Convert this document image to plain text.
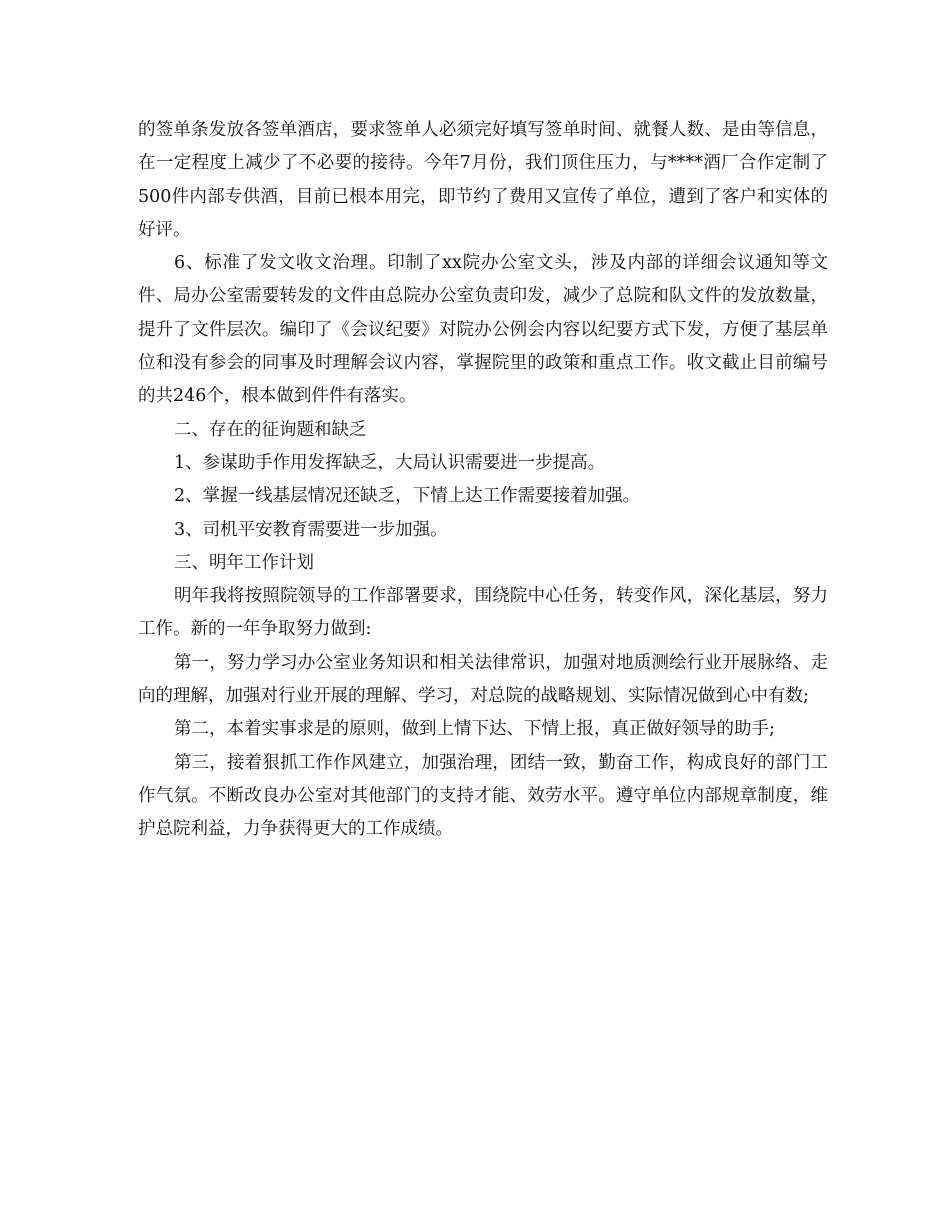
的签单条发放各签单酒店，要求签单人必须完好填写签单时间、就餐人数、是由等信息，在一定程度上减少了不必要的接待。今年7月份，我们顶住压力，与****酒厂合作定制了500件内部专供酒，目前已根本用完，即节约了费用又宣传了单位，遭到了客户和实体的好评。

6、标准了发文收文治理。印制了xx院办公室文头，涉及内部的详细会议通知等文件、局办公室需要转发的文件由总院办公室负责印发，减少了总院和队文件的发放数量，提升了文件层次。编印了《会议纪要》对院办公例会内容以纪要方式下发，方便了基层单位和没有参会的同事及时理解会议内容，掌握院里的政策和重点工作。收文截止目前编号的共246个，根本做到件件有落实。

二、存在的征询题和缺乏

1、参谋助手作用发挥缺乏，大局认识需要进一步提高。

2、掌握一线基层情况还缺乏，下情上达工作需要接着加强。

3、司机平安教育需要进一步加强。

三、明年工作计划

明年我将按照院领导的工作部署要求，围绕院中心任务，转变作风，深化基层，努力工作。新的一年争取努力做到:

第一，努力学习办公室业务知识和相关法律常识，加强对地质测绘行业开展脉络、走向的理解，加强对行业开展的理解、学习，对总院的战略规划、实际情况做到心中有数;

第二，本着实事求是的原则，做到上情下达、下情上报，真正做好领导的助手;

第三，接着狠抓工作作风建立，加强治理，团结一致，勤奋工作，构成良好的部门工作气氛。不断改良办公室对其他部门的支持才能、效劳水平。遵守单位内部规章制度，维护总院利益，力争获得更大的工作成绩。
